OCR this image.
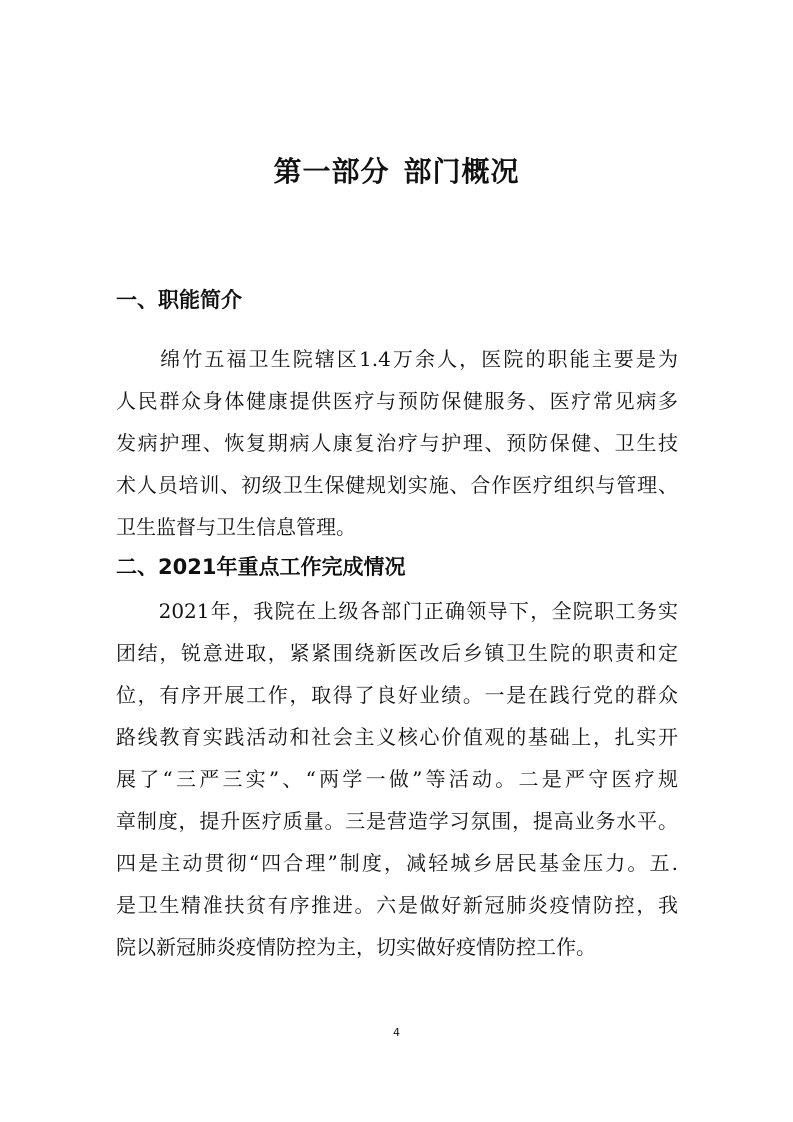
第一部分 部门概况
一、职能简介
　　绵竹五福卫生院辖区1.4万余人，医院的职能主要是为
人民群众身体健康提供医疗与预防保健服务、医疗常见病多
发病护理、恢复期病人康复治疗与护理、预防保健、卫生技
术人员培训、初级卫生保健规划实施、合作医疗组织与管理、
卫生监督与卫生信息管理。
二、2021年重点工作完成情况
　　2021年，我院在上级各部门正确领导下，全院职工务实
团结，锐意进取，紧紧围绕新医改后乡镇卫生院的职责和定
位，有序开展工作，取得了良好业绩。一是在践行党的群众
路线教育实践活动和社会主义核心价值观的基础上，扎实开
展了“三严三实”、“两学一做”等活动。二是严守医疗规
章制度，提升医疗质量。三是营造学习氛围，提高业务水平。
四是主动贯彻“四合理”制度，减轻城乡居民基金压力。五.
是卫生精准扶贫有序推进。六是做好新冠肺炎疫情防控，我
院以新冠肺炎疫情防控为主，切实做好疫情防控工作。
4
